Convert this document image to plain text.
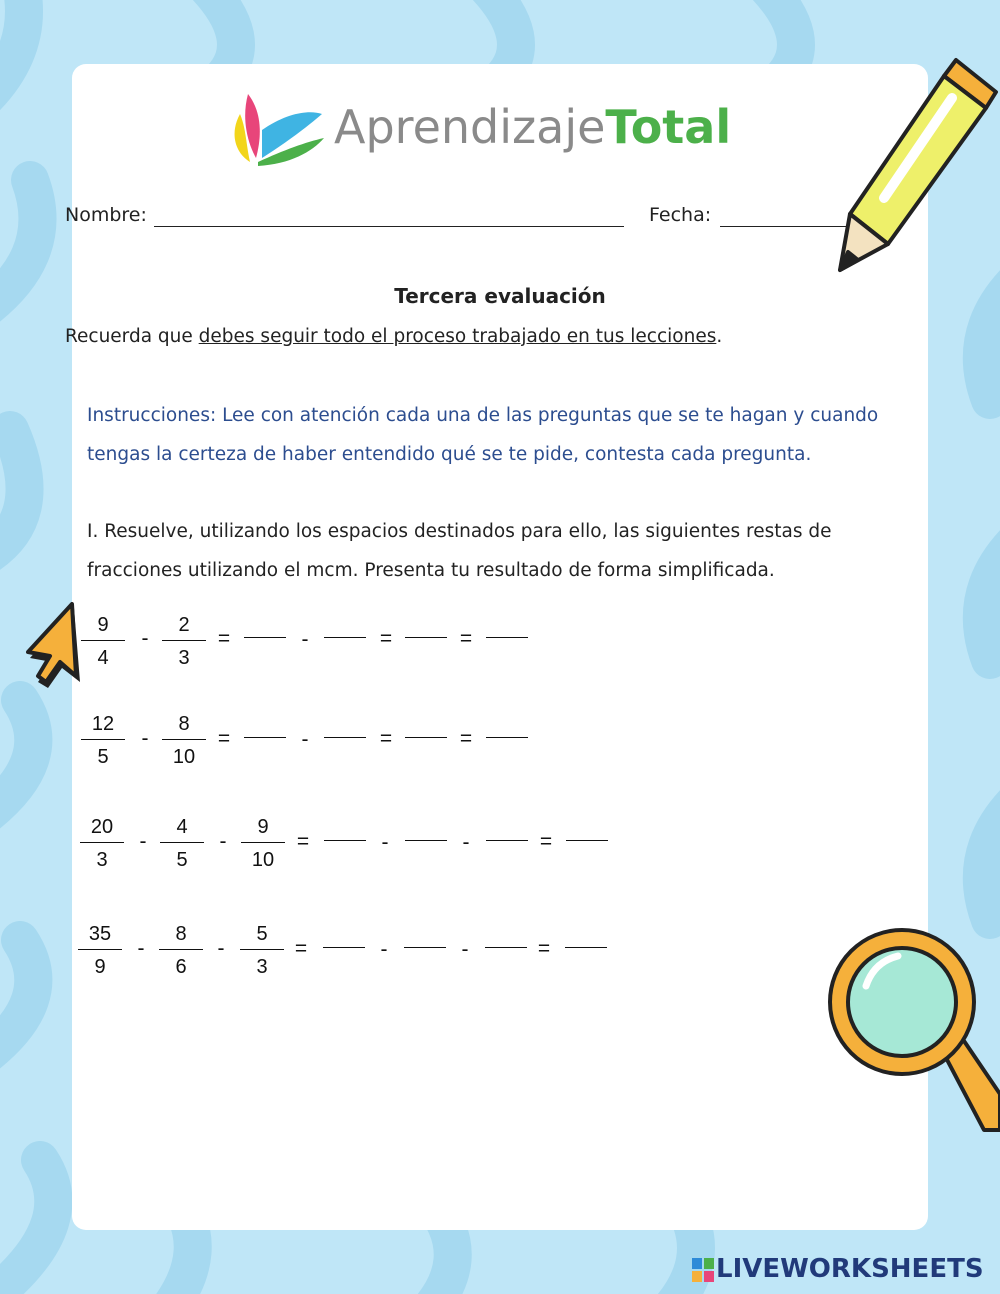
AprendizajeTotal
Nombre:	Fecha:
Tercera evaluación
Recuerda que debes seguir todo el proceso trabajado en tus lecciones.
Instrucciones: Lee con atención cada una de las preguntas que se te hagan y cuando
tengas la certeza de haber entendido qué se te pide, contesta cada pregunta.
I. Resuelve, utilizando los espacios destinados para ello, las siguientes restas de
fracciones utilizando el mcm. Presenta tu resultado de forma simplificada.
9
4
-
2
3
=	-	=	=
12
5
-
8
10
=	-	=	=
20
3
-
4
5
-
9
10
=	-	-	=
35
9
-
8
6
-
5
3
=	-	-	=
LIVEWORKSHEETS
